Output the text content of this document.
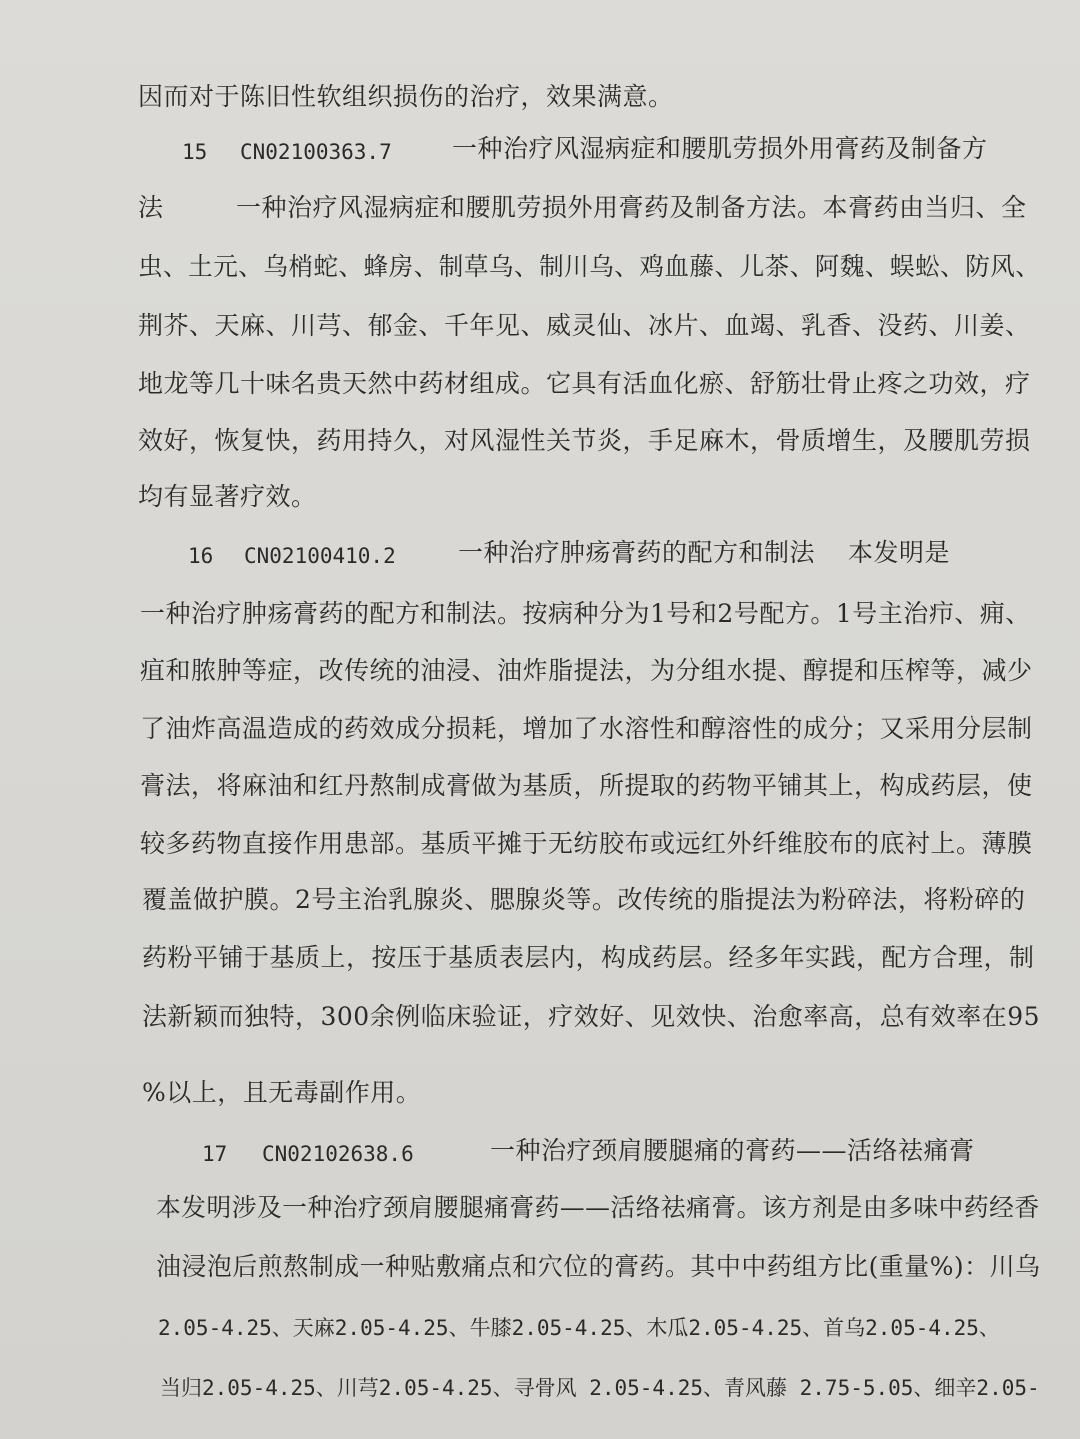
因而对于陈旧性软组织损伤的治疗，效果满意。
15 CN02100363.7 一种治疗风湿病症和腰肌劳损外用膏药及制备方
法	一种治疗风湿病症和腰肌劳损外用膏药及制备方法。本膏药由当归、全
虫、土元、乌梢蛇、蜂房、制草乌、制川乌、鸡血藤、儿茶、阿魏、蜈蚣、防风、
荆芥、天麻、川芎、郁金、千年见、威灵仙、冰片、血竭、乳香、没药、川姜、
地龙等几十味名贵天然中药材组成。它具有活血化瘀、舒筋壮骨止疼之功效，疗
效好，恢复快，药用持久，对风湿性关节炎，手足麻木，骨质增生，及腰肌劳损
均有显著疗效。
16 CN02100410.2 一种治疗肿疡膏药的配方和制法 本发明是
一种治疗肿疡膏药的配方和制法。按病种分为1号和2号配方。1号主治疖、痈、
疽和脓肿等症，改传统的油浸、油炸脂提法，为分组水提、醇提和压榨等，减少
了油炸高温造成的药效成分损耗，增加了水溶性和醇溶性的成分；又采用分层制
膏法，将麻油和红丹熬制成膏做为基质，所提取的药物平铺其上，构成药层，使
较多药物直接作用患部。基质平摊于无纺胶布或远红外纤维胶布的底衬上。薄膜
覆盖做护膜。2号主治乳腺炎、腮腺炎等。改传统的脂提法为粉碎法，将粉碎的
药粉平铺于基质上，按压于基质表层内，构成药层。经多年实践，配方合理，制
法新颖而独特，300余例临床验证，疗效好、见效快、治愈率高，总有效率在95
%以上，且无毒副作用。
17 CN02102638.6	一种治疗颈肩腰腿痛的膏药——活络祛痛膏
本发明涉及一种治疗颈肩腰腿痛膏药——活络祛痛膏。该方剂是由多味中药经香
油浸泡后煎熬制成一种贴敷痛点和穴位的膏药。其中中药组方比(重量%)：川乌
2.05-4.25、天麻2.05-4.25、牛膝2.05-4.25、木瓜2.05-4.25、首乌2.05-4.25、
当归2.05-4.25、川芎2.05-4.25、寻骨风 2.05-4.25、青风藤 2.75-5.05、细辛2.05-
